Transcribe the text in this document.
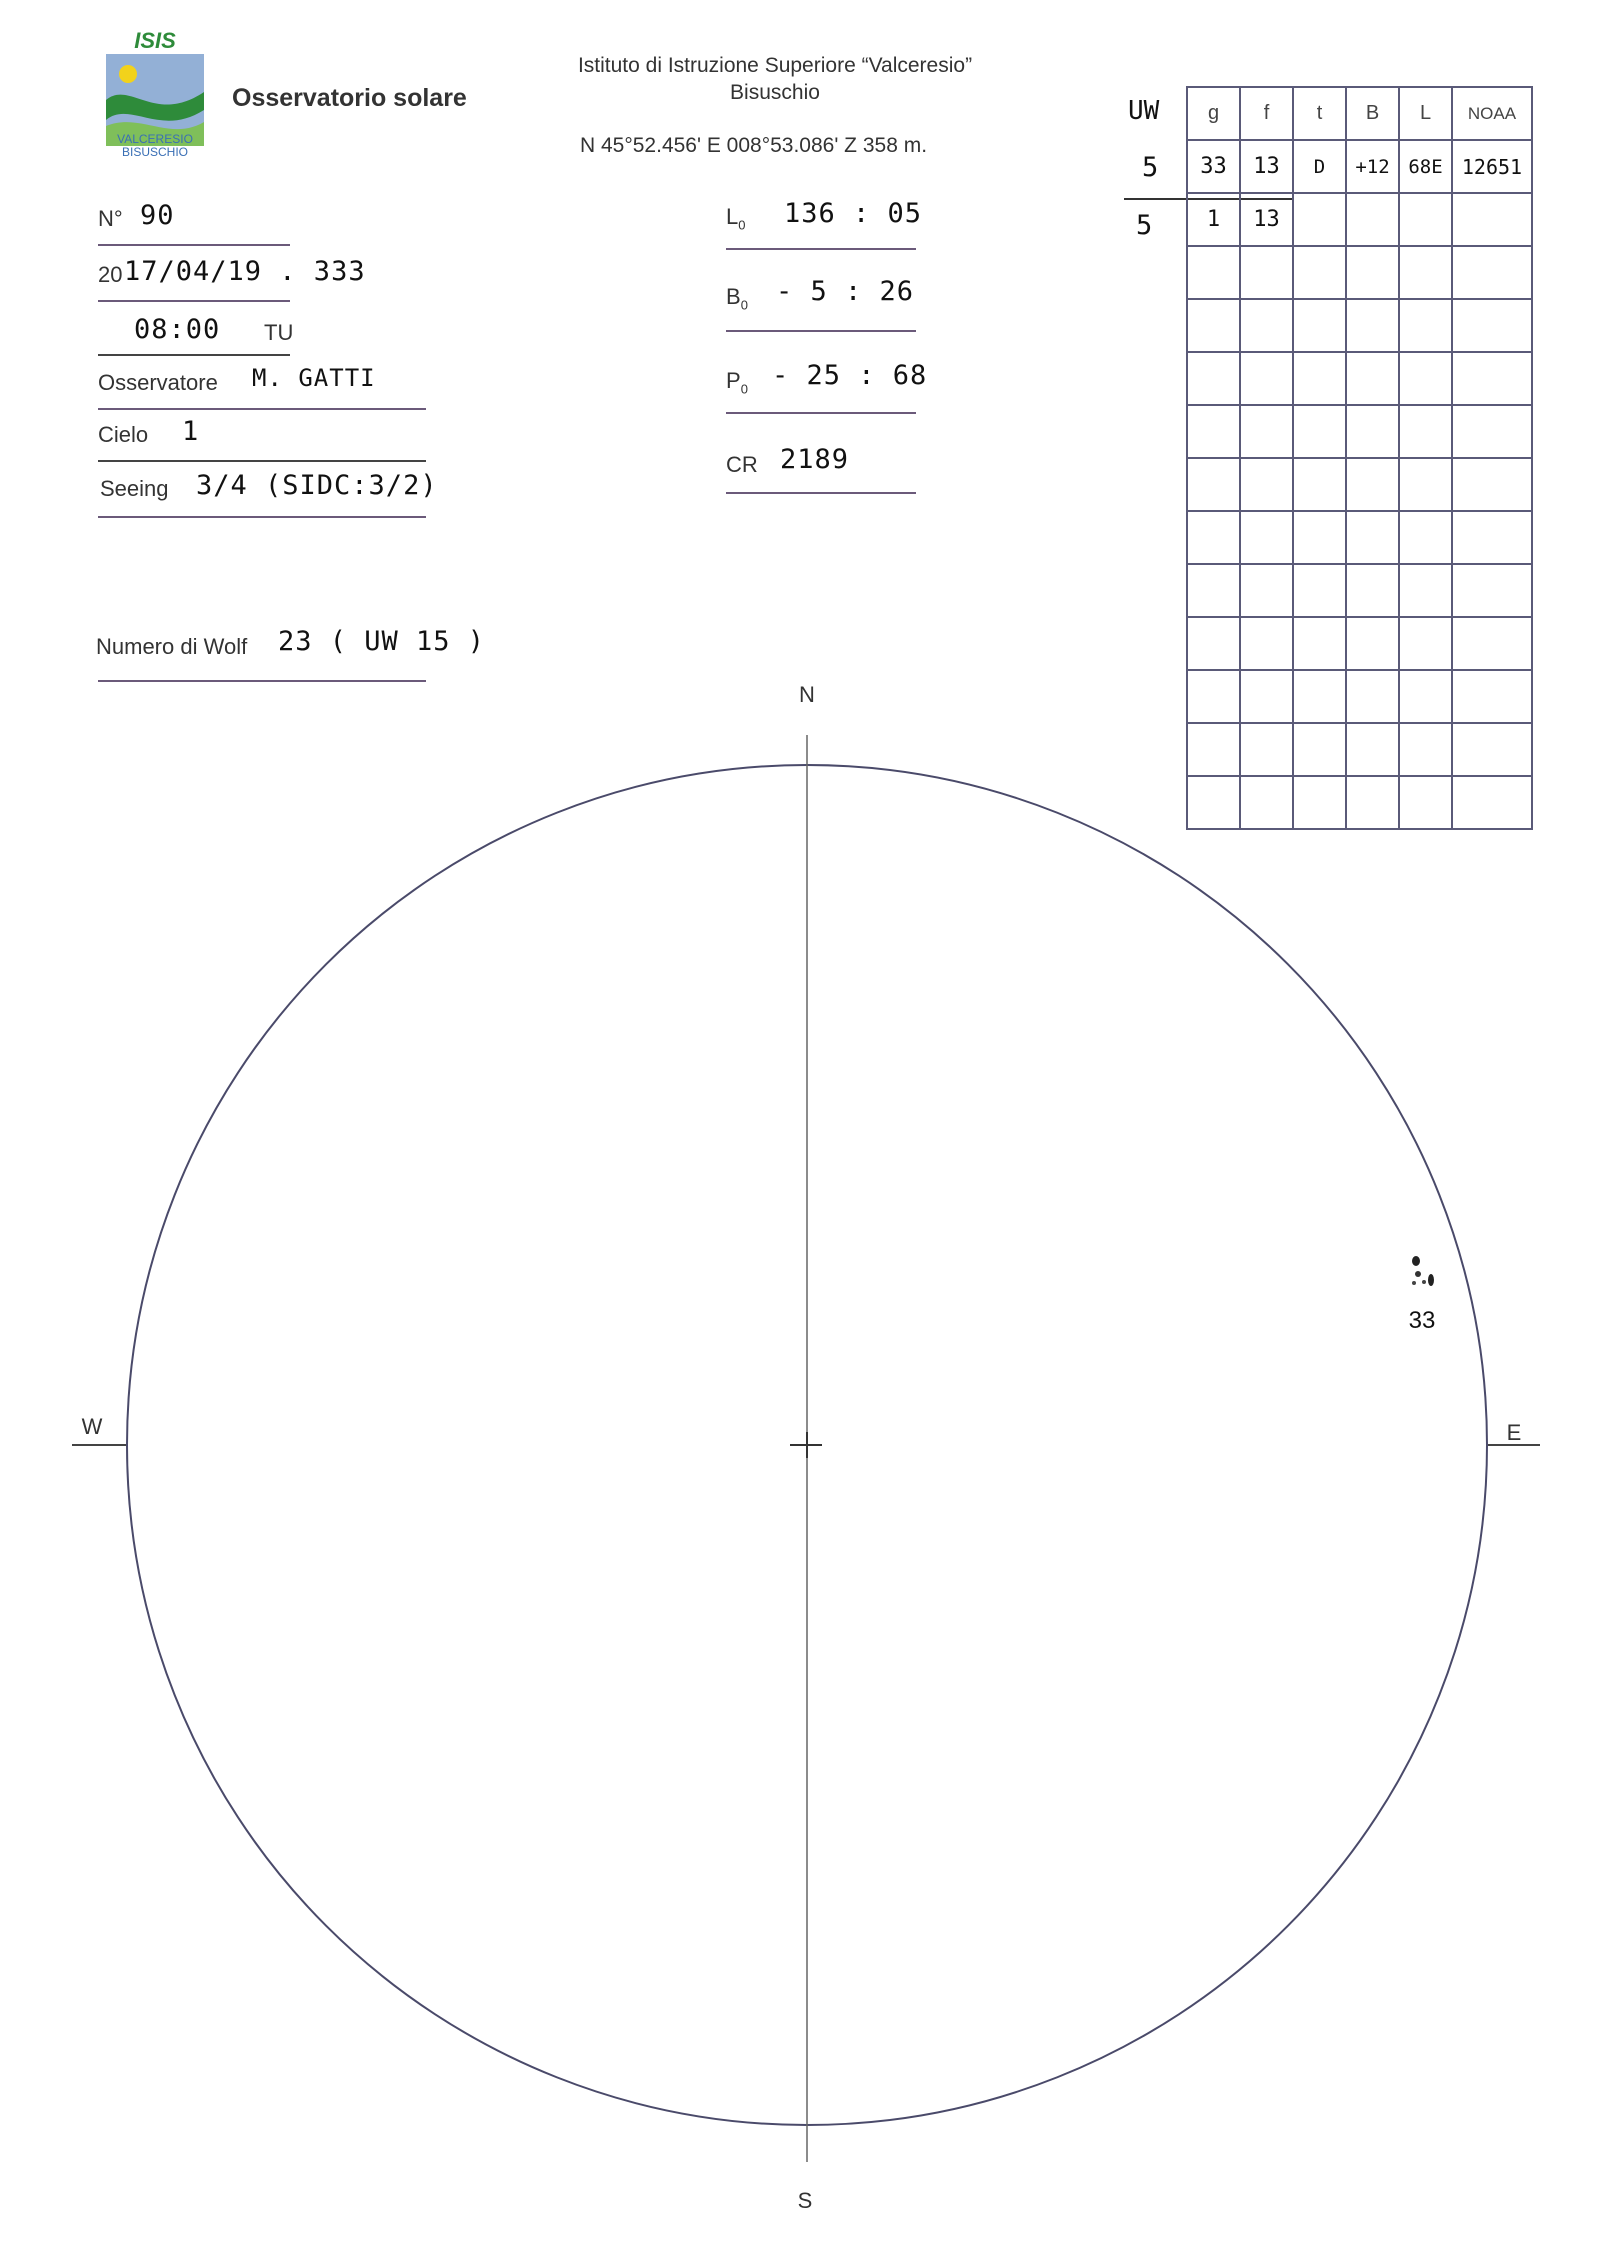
ISIS
VALCERESIO
BISUSCHIO
Osservatorio solare
Istituto di Istruzione Superiore “Valceresio”
Bisuschio
N 45°52.456' E 008°53.086' Z 358 m.
N° 90
20 17/04/19 . 333
08:00 TU
Osservatore M. GATTI
Cielo 1
Seeing 3/4 (SIDC:3/2)
Numero di Wolf 23 ( UW 15 )
$L_0$ 136 : 05
$B_0 - 5$ : 26
$P_0 - 25$ : 68
CR 2189
UW
5
5
g	f	t	B	L	NOAA
33	13	D	+12	68E	12651
1	13				

N
S
W	E
33
